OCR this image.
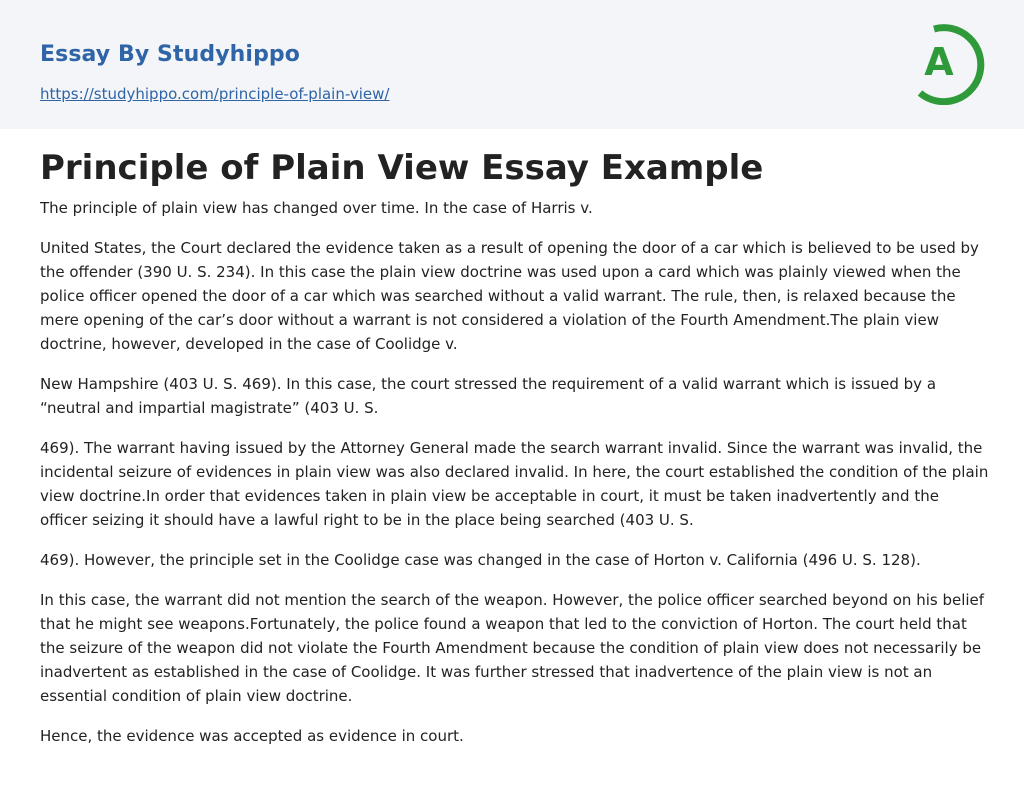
Essay By Studyhippo
https://studyhippo.com/principle-of-plain-view/
A
Principle of Plain View Essay Example

The principle of plain view has changed over time. In the case of Harris v.

United States, the Court declared the evidence taken as a result of opening the door of a car which is believed to be used by the offender (390 U. S. 234). In this case the plain view doctrine was used upon a card which was plainly viewed when the police officer opened the door of a car which was searched without a valid warrant. The rule, then, is relaxed because the mere opening of the car’s door without a warrant is not considered a violation of the Fourth Amendment.The plain view doctrine, however, developed in the case of Coolidge v.

New Hampshire (403 U. S. 469). In this case, the court stressed the requirement of a valid warrant which is issued by a “neutral and impartial magistrate” (403 U. S.

469). The warrant having issued by the Attorney General made the search warrant invalid. Since the warrant was invalid, the incidental seizure of evidences in plain view was also declared invalid. In here, the court established the condition of the plain view doctrine.In order that evidences taken in plain view be acceptable in court, it must be taken inadvertently and the officer seizing it should have a lawful right to be in the place being searched (403 U. S.

469). However, the principle set in the Coolidge case was changed in the case of Horton v. California (496 U. S. 128).

In this case, the warrant did not mention the search of the weapon. However, the police officer searched beyond on his belief that he might see weapons.Fortunately, the police found a weapon that led to the conviction of Horton. The court held that the seizure of the weapon did not violate the Fourth Amendment because the condition of plain view does not necessarily be inadvertent as established in the case of Coolidge. It was further stressed that inadvertence of the plain view is not an essential condition of plain view doctrine.

Hence, the evidence was accepted as evidence in court.
